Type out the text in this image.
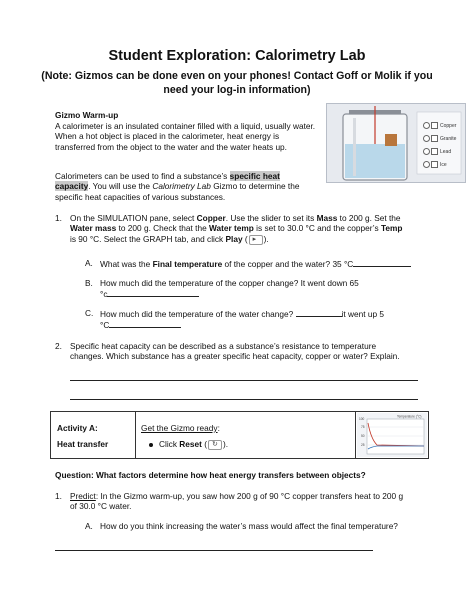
Student Exploration: Calorimetry Lab
(Note: Gizmos can be done even on your phones! Contact Goff or Molik if you need your log-in information)
Gizmo Warm-up
A calorimeter is an insulated container filled with a liquid, usually water. When a hot object is placed in the calorimeter, heat energy is transferred from the object to the water and the water heats up.
Calorimeters can be used to find a substance’s specific heat
capacity. You will use the Calorimetry Lab Gizmo to determine the specific heat capacities of various substances.
Copper
Granite
Lead
Ice
1. On the SIMULATION pane, select Copper. Use the slider to set its Mass to 200 g. Set the
Water mass to 200 g. Check that the Water temp is set to 30.0 °C and the copper’s Temp
is 90 °C. Select the GRAPH tab, and click Play ( ▸ ).
A. What was the Final temperature of the copper and the water? 35 °C
B. How much did the temperature of the copper change? It went down 65
°c
C. How much did the temperature of the water change?	it went up 5
°C
2. Specific heat capacity can be described as a substance’s resistance to temperature
changes. Which substance has a greater specific heat capacity, copper or water? Explain.
Activity A:
Heat transfer
Get the Gizmo ready:
Click Reset ( ↻ ).
100
75
50
25
Temperature (°C)
Question: What factors determine how heat energy transfers between objects?
1. Predict: In the Gizmo warm-up, you saw how 200 g of 90 °C copper transfers heat to 200 g
of 30.0 °C water.
A. How do you think increasing the water’s mass would affect the final temperature?
